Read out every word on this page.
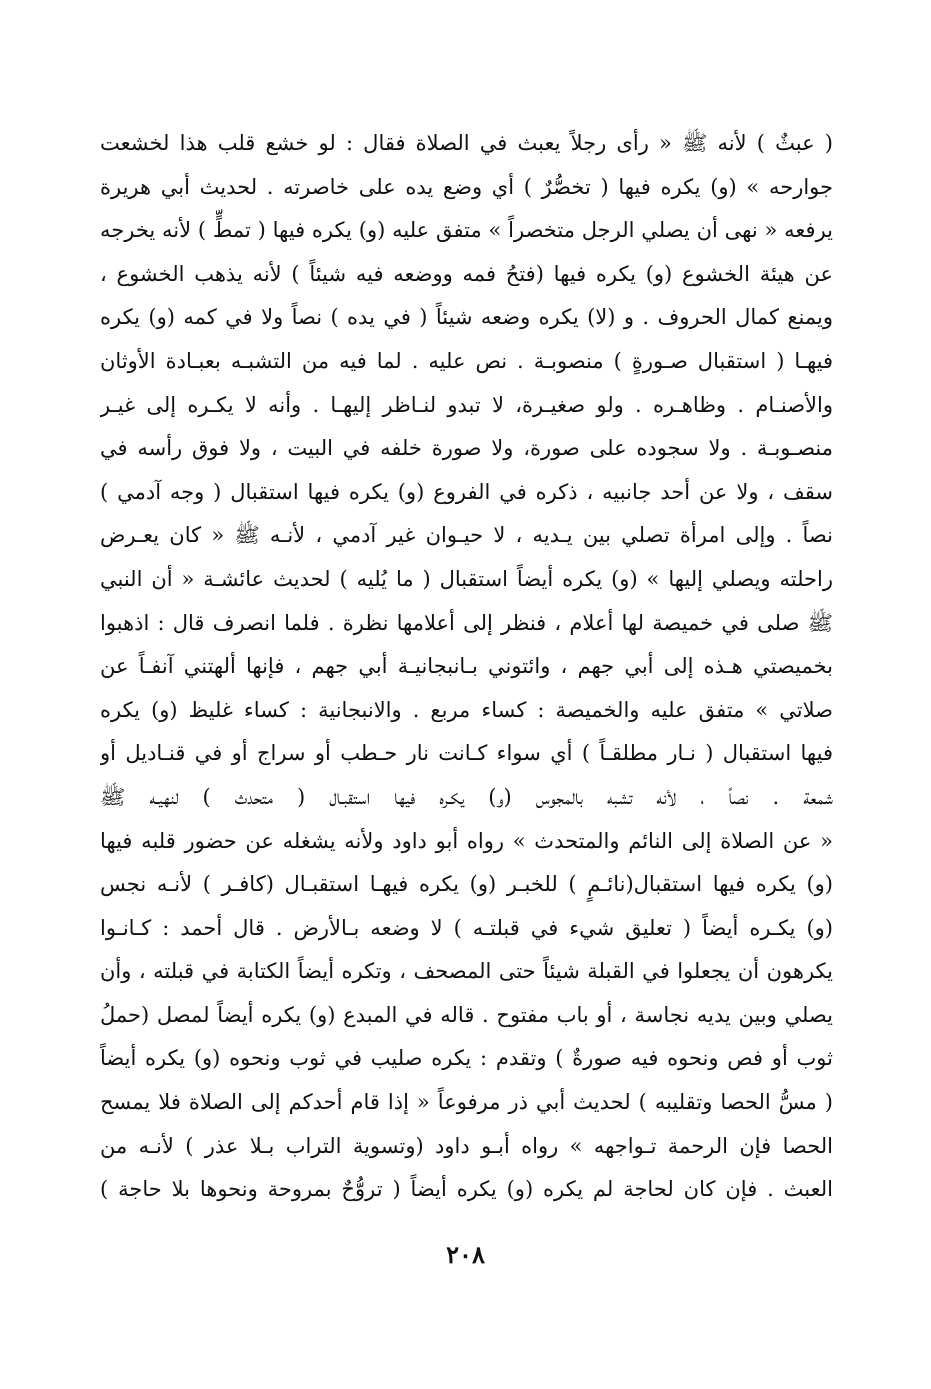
( عبثٌ ) لأنه ﷺ « رأى رجلاً يعبث في الصلاة فقال : لو خشع قلب هذا لخشعت
جوارحه » (و) يكره فيها ( تخصُّرٌ ) أي وضع يده على خاصرته . لحديث أبي هريرة
يرفعه « نهى أن يصلي الرجل متخصراً » متفق عليه (و) يكره فيها ( تمطٍّ ) لأنه يخرجه
عن هيئة الخشوع (و) يكره فيها (فتحُ فمه ووضعه فيه شيئاً ) لأنه يذهب الخشوع ،
ويمنع كمال الحروف . و (لا) يكره وضعه شيئاً ( في يده ) نصاً ولا في كمه (و) يكره
فيهـا ( استقبال صـورةٍ ) منصوبـة . نص عليه . لما فيه من التشبـه بعبـادة الأوثان
والأصنـام . وظاهـره . ولو صغيـرة، لا تبدو لنـاظر إليهـا . وأنه لا يكـره إلى غيـر
منصـوبـة . ولا سجوده على صورة، ولا صورة خلفه في البيت ، ولا فوق رأسه في
سقف ، ولا عن أحد جانبيه ، ذكره في الفروع (و) يكره فيها استقبال ( وجه آدمي )
نصاً . وإلى امرأة تصلي بين يـديه ، لا حيـوان غير آدمي ، لأنـه ﷺ « كان يعـرض
راحلته ويصلي إليها » (و) يكره أيضاً استقبال ( ما يُليه ) لحديث عائشـة « أن النبي
ﷺ صلى في خميصة لها أعلام ، فنظر إلى أعلامها نظرة . فلما انصرف قال : اذهبوا
بخميصتي هـذه إلى أبي جهم ، وائتوني بـانبجانيـة أبي جهم ، فإنها ألهتني آنفـاً عن
صلاتي » متفق عليه والخميصة : كساء مربع . والانبجانية : كساء غليظ (و) يكره
فيها استقبال ( نـار مطلقـاً ) أي سواء كـانت نار حـطب أو سراج أو في قنـاديل أو
شمعة . نصاً ، لأنه تشبه بالمجوس (و) يكـره فيها استقبـال ( متحدث ) لنهيـه ﷺ
« عن الصلاة إلى النائم والمتحدث » رواه أبو داود ولأنه يشغله عن حضور قلبه فيها
(و) يكره فيها استقبال(نائـمٍ ) للخبـر (و) يكره فيهـا استقبـال (كافـر ) لأنـه نجس
(و) يكـره أيضاً ( تعليق شيء في قبلتـه ) لا وضعه بـالأرض . قال أحمد : كـانـوا
يكرهون أن يجعلوا في القبلة شيئاً حتى المصحف ، وتكره أيضاً الكتابة في قبلته ، وأن
يصلي وبين يديه نجاسة ، أو باب مفتوح . قاله في المبدع (و) يكره أيضاً لمصل (حملُ
ثوب أو فص ونحوه فيه صورةٌ ) وتقدم : يكره صليب في ثوب ونحوه (و) يكره أيضاً
( مسُّ الحصا وتقليبه ) لحديث أبي ذر مرفوعاً « إذا قام أحدكم إلى الصلاة فلا يمسح
الحصا فإن الرحمة تـواجهه » رواه أبـو داود (وتسوية التراب بـلا عذر ) لأنـه من
العبث . فإن كان لحاجة لم يكره (و) يكره أيضاً ( تروُّحٌ بمروحة ونحوها بلا حاجة )
٢٠٨
